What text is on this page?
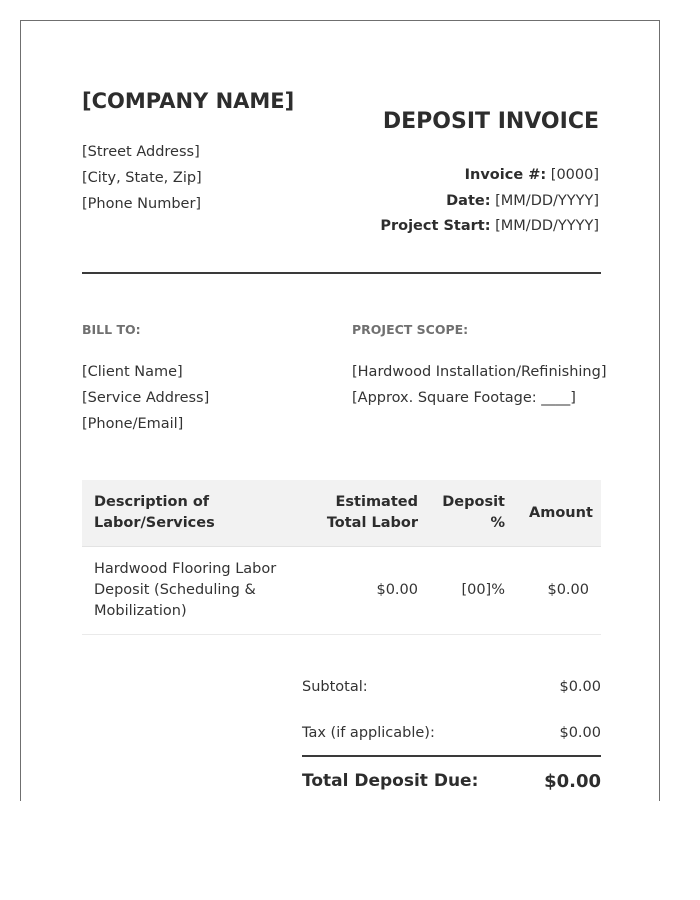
[COMPANY NAME]
[Street Address]
[City, State, Zip]
[Phone Number]
DEPOSIT INVOICE
Invoice #: [0000]
Date: [MM/DD/YYYY]
Project Start: [MM/DD/YYYY]
BILL TO:
[Client Name]
[Service Address]
[Phone/Email]
PROJECT SCOPE:
[Hardwood Installation/Refinishing]
[Approx. Square Footage: ____]
Description of Labor/Services	Estimated Total Labor	Deposit %	Amount
Hardwood Flooring Labor Deposit (Scheduling & Mobilization)	$0.00	[00]%	$0.00
Subtotal:	$0.00
Tax (if applicable):	$0.00
Total Deposit Due:	$0.00
